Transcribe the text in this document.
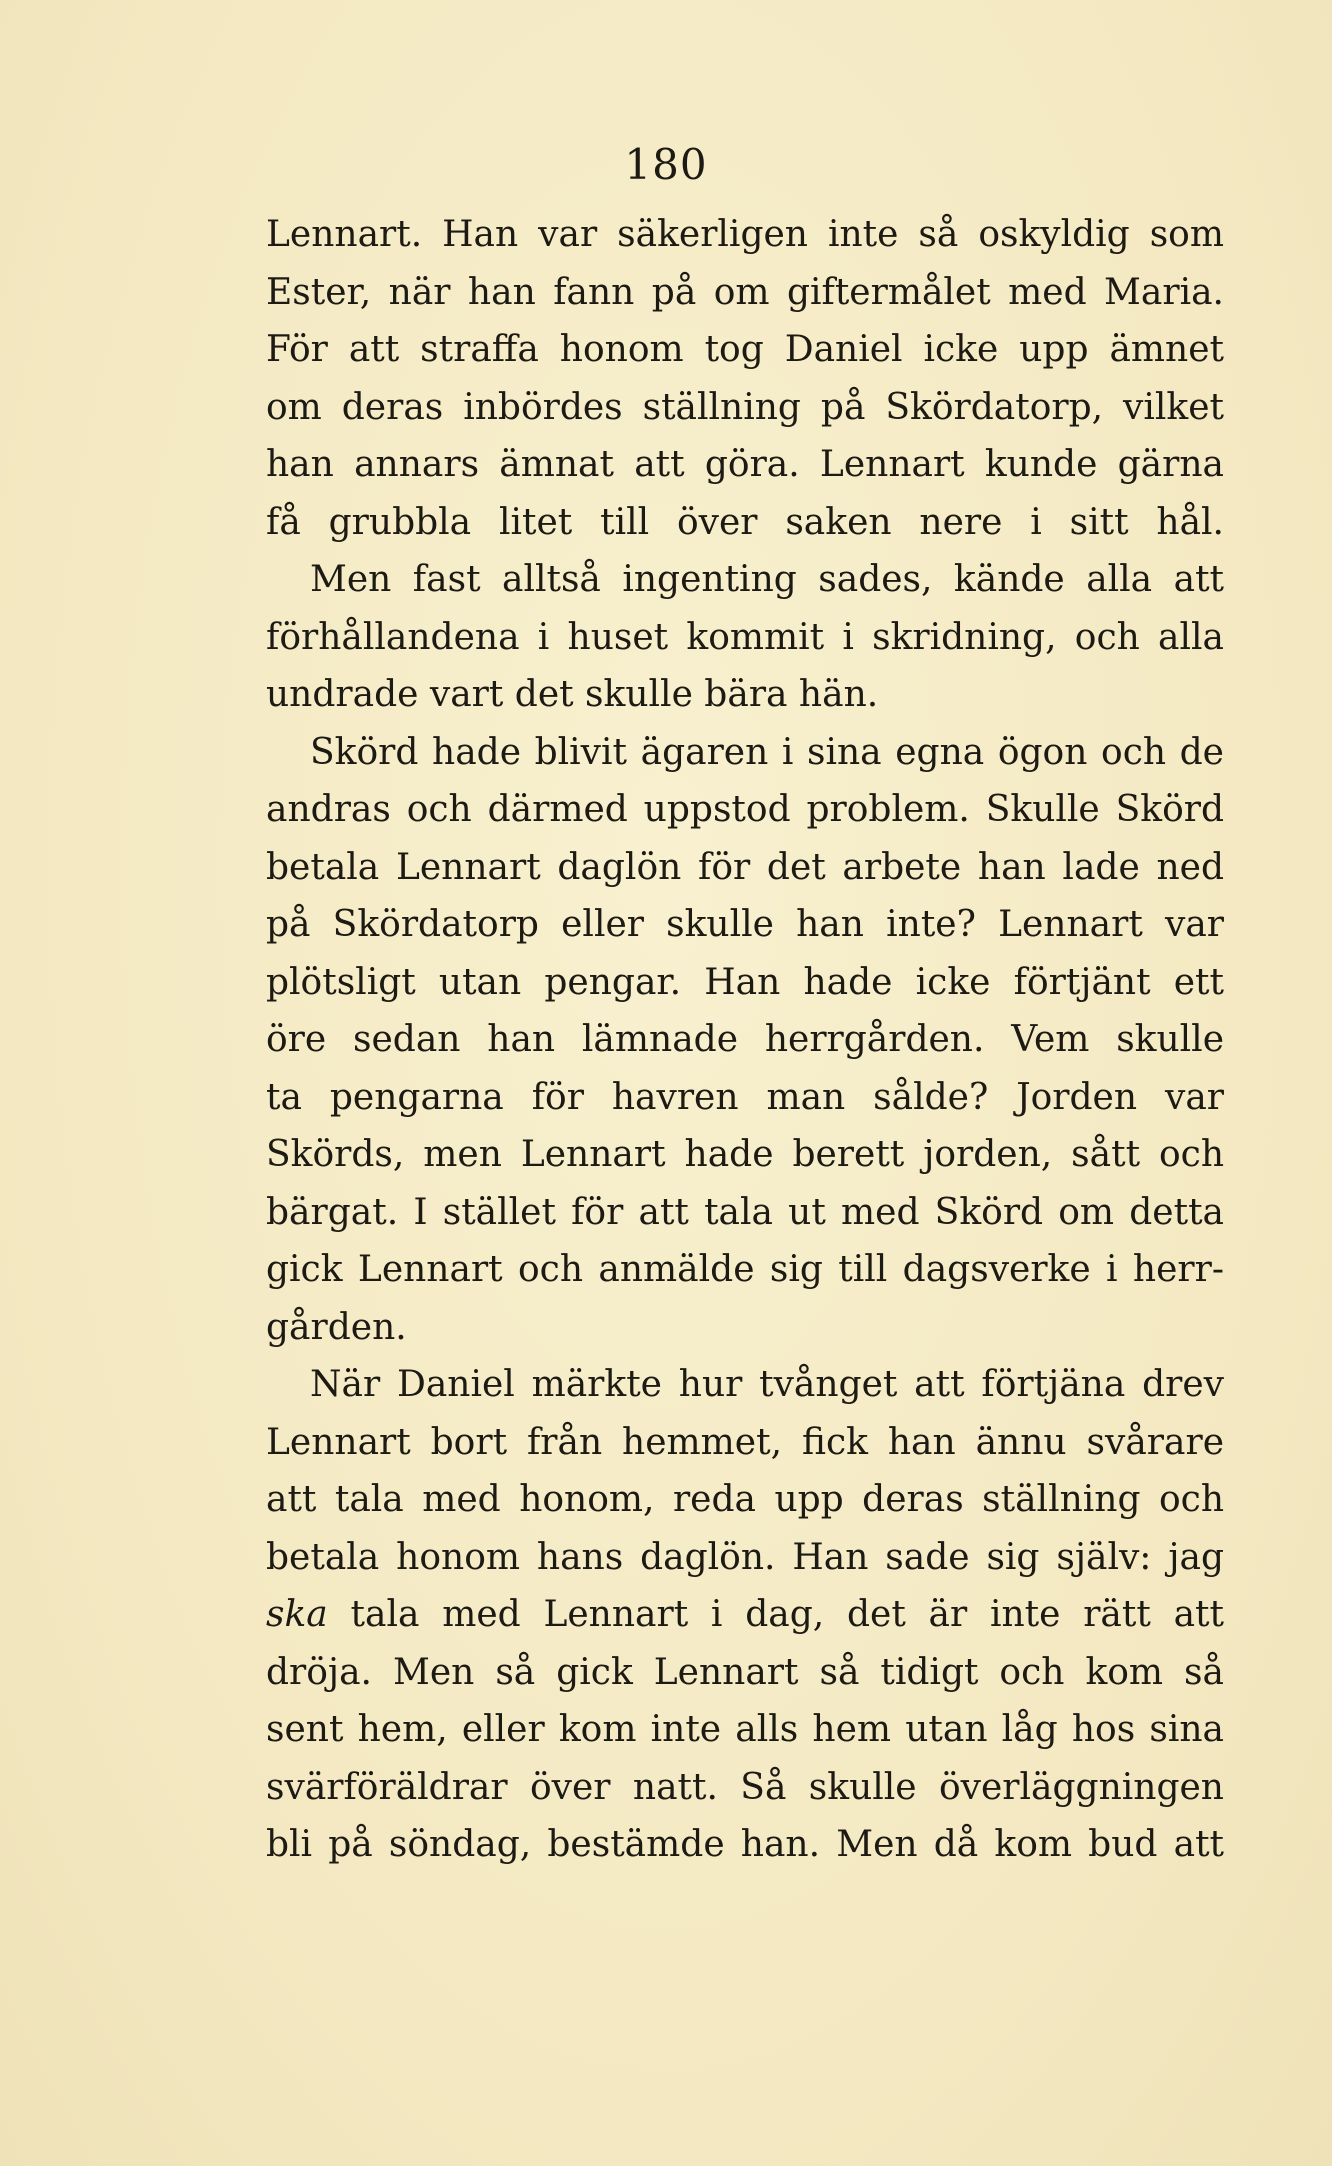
180
Lennart. Han var säkerligen inte så oskyldig som
Ester, när han fann på om giftermålet med Maria.
För att straffa honom tog Daniel icke upp ämnet
om deras inbördes ställning på Skördatorp, vilket
han annars ämnat att göra. Lennart kunde gärna
få grubbla litet till över saken nere i sitt hål.
Men fast alltså ingenting sades, kände alla att
förhållandena i huset kommit i skridning, och alla
undrade vart det skulle bära hän.
Skörd hade blivit ägaren i sina egna ögon och de
andras och därmed uppstod problem. Skulle Skörd
betala Lennart daglön för det arbete han lade ned
på Skördatorp eller skulle han inte? Lennart var
plötsligt utan pengar. Han hade icke förtjänt ett
öre sedan han lämnade herrgården. Vem skulle
ta pengarna för havren man sålde? Jorden var
Skörds, men Lennart hade berett jorden, sått och
bärgat. I stället för att tala ut med Skörd om detta
gick Lennart och anmälde sig till dagsverke i herr-
gården.
När Daniel märkte hur tvånget att förtjäna drev
Lennart bort från hemmet, fick han ännu svårare
att tala med honom, reda upp deras ställning och
betala honom hans daglön. Han sade sig själv: jag
ska tala med Lennart i dag, det är inte rätt att
dröja. Men så gick Lennart så tidigt och kom så
sent hem, eller kom inte alls hem utan låg hos sina
svärföräldrar över natt. Så skulle överläggningen
bli på söndag, bestämde han. Men då kom bud att
